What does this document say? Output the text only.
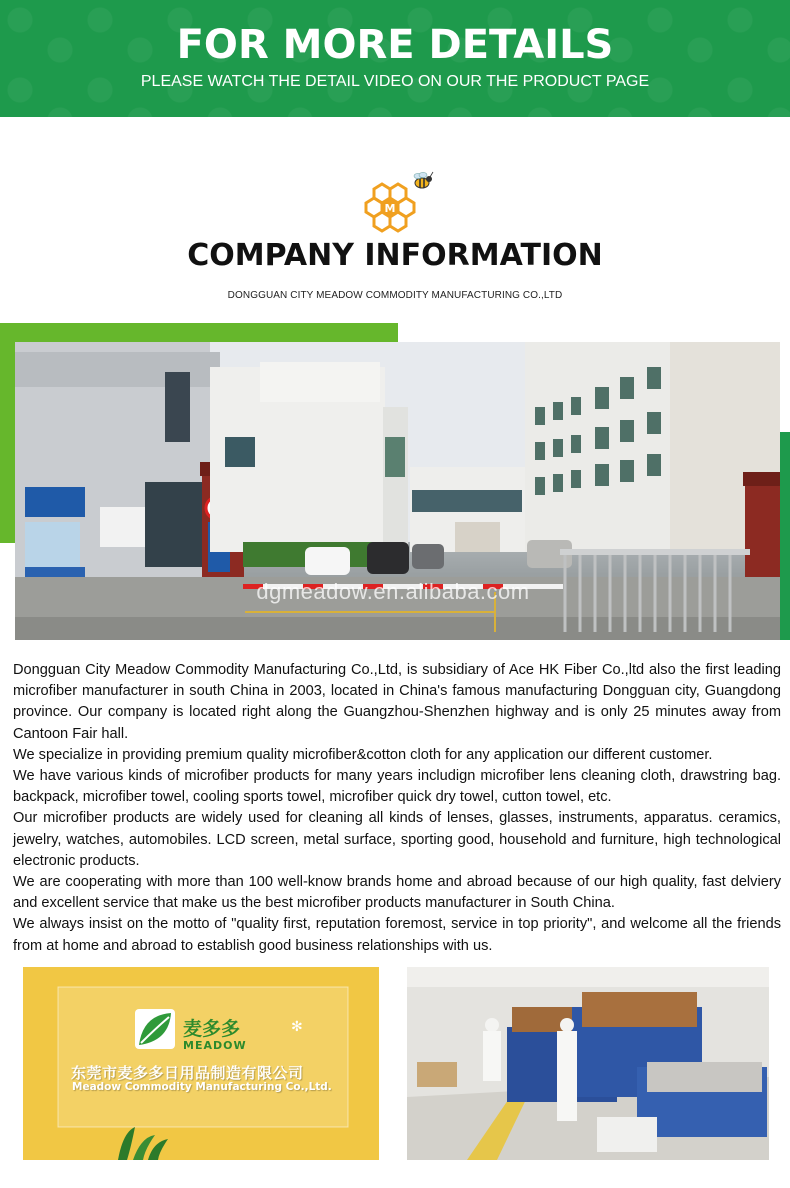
FOR MORE DETAILS
PLEASE WATCH THE DETAIL VIDEO ON OUR THE PRODUCT PAGE
M
COMPANY INFORMATION
DONGGUAN CITY MEADOW COMMODITY MANUFACTURING CO.,LTD
dgmeadow.en.alibaba.com

Dongguan City Meadow Commodity Manufacturing Co.,Ltd, is subsidiary of Ace HK Fiber Co.,ltd also the first leading microfiber manufacturer in south China in 2003, located in China's famous manufacturing Dongguan city, Guangdong province. Our company is located right along the Guangzhou-Shenzhen highway and is only 25 minutes away from Cantoon Fair hall.

We specialize in providing premium quality microfiber&cotton cloth for any application our different customer.

We have various kinds of microfiber products for many years includign microfiber lens cleaning cloth, drawstring bag. backpack, microfiber towel, cooling sports towel, microfiber quick dry towel, cutton towel, etc.

Our microfiber products are widely used for cleaning all kinds of lenses, glasses, instruments, apparatus. ceramics, jewelry, watches, automobiles. LCD screen, metal surface, sporting good, household and furniture, high technological electronic products.

We are cooperating with more than 100 well-know brands home and abroad because of our high quality, fast delviery and excellent service that make us the best microfiber products manufacturer in South China.

We always insist on the motto of "quality first, reputation foremost, service in top priority", and welcome all the friends from at home and abroad to establish good business relationships with us.

✻
麦多多
MEADOW
东莞市麦多多日用品制造有限公司
Meadow Commodity Manufacturing Co.,Ltd.
